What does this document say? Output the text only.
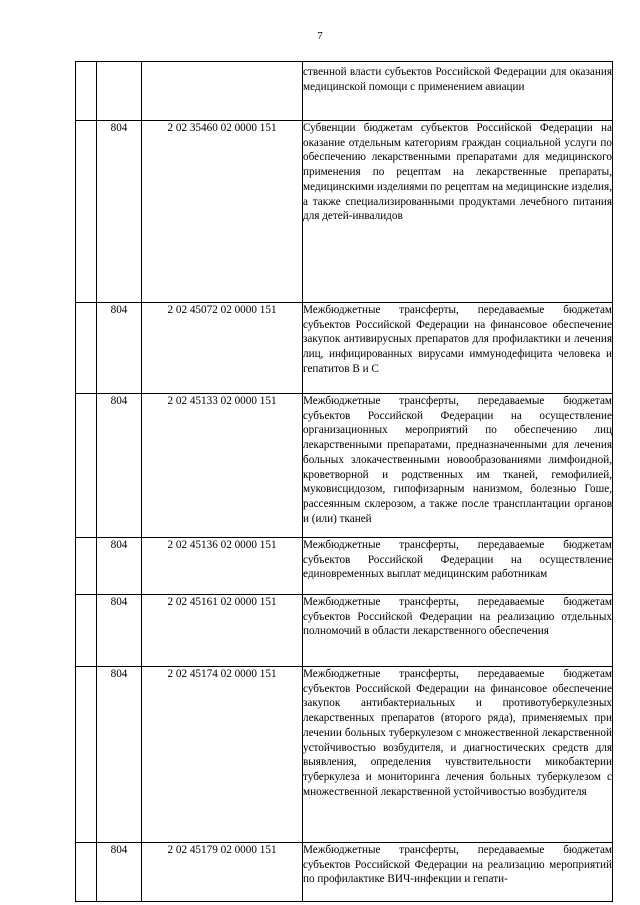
7
			ственной власти субъектов Российской Федерации для оказания медицинской помощи с применением авиации
	804	2 02 35460 02 0000 151	Субвенции бюджетам субъектов Российской Федерации на оказание отдельным категориям граждан социальной услуги по обеспечению лекарственными препаратами для медицинского применения по рецептам на лекарственные препараты, медицинскими изделиями по рецептам на медицинские изделия, а также специализированными продуктами лечебного питания для детей-инвалидов
	804	2 02 45072 02 0000 151	Межбюджетные трансферты, передаваемые бюджетам субъектов Российской Федерации на финансовое обеспечение закупок антивирусных препаратов для профилактики и лечения лиц, инфицированных вирусами иммунодефицита человека и гепатитов В и С
	804	2 02 45133 02 0000 151	Межбюджетные трансферты, передаваемые бюджетам субъектов Российской Федерации на осуществление организационных мероприятий по обеспечению лиц лекарственными препаратами, предназначенными для лечения больных злокачественными новообразованиями лимфоидной, кроветворной и родственных им тканей, гемофилией, муковисцидозом, гипофизарным нанизмом, болезнью Гоше, рассеянным склерозом, а также после трансплантации органов и (или) тканей
	804	2 02 45136 02 0000 151	Межбюджетные трансферты, передаваемые бюджетам субъектов Российской Федерации на осуществление единовременных выплат медицинским работникам
	804	2 02 45161 02 0000 151	Межбюджетные трансферты, передаваемые бюджетам субъектов Российской Федерации на реализацию отдельных полномочий в области лекарственного обеспечения
	804	2 02 45174 02 0000 151	Межбюджетные трансферты, передаваемые бюджетам субъектов Российской Федерации на финансовое обеспечение закупок антибактериальных и противотуберкулезных лекарственных препаратов (второго ряда), применяемых при лечении больных туберкулезом с множественной лекарственной устойчивостью возбудителя, и диагностических средств для выявления, определения чувствительности микобактерии туберкулеза и мониторинга лечения больных туберкулезом с множественной лекарственной устойчивостью возбудителя
	804	2 02 45179 02 0000 151	Межбюджетные трансферты, передаваемые бюджетам субъектов Российской Федерации на реализацию мероприятий по профилактике ВИЧ-инфекции и гепати-
